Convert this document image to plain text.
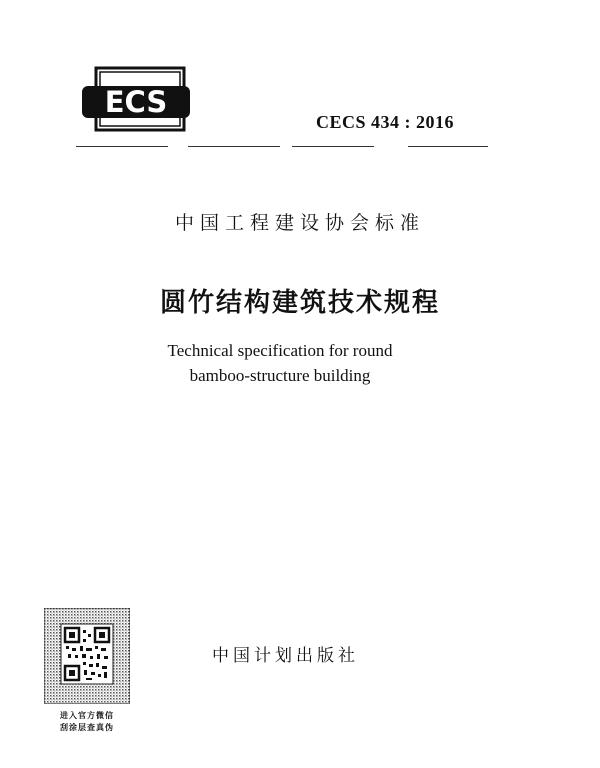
ECS
CECS 434 : 2016
中国工程建设协会标准
圆竹结构建筑技术规程
Technical specification for round
bamboo-structure building
进入官方微信
刮涂层查真伪
中国计划出版社
